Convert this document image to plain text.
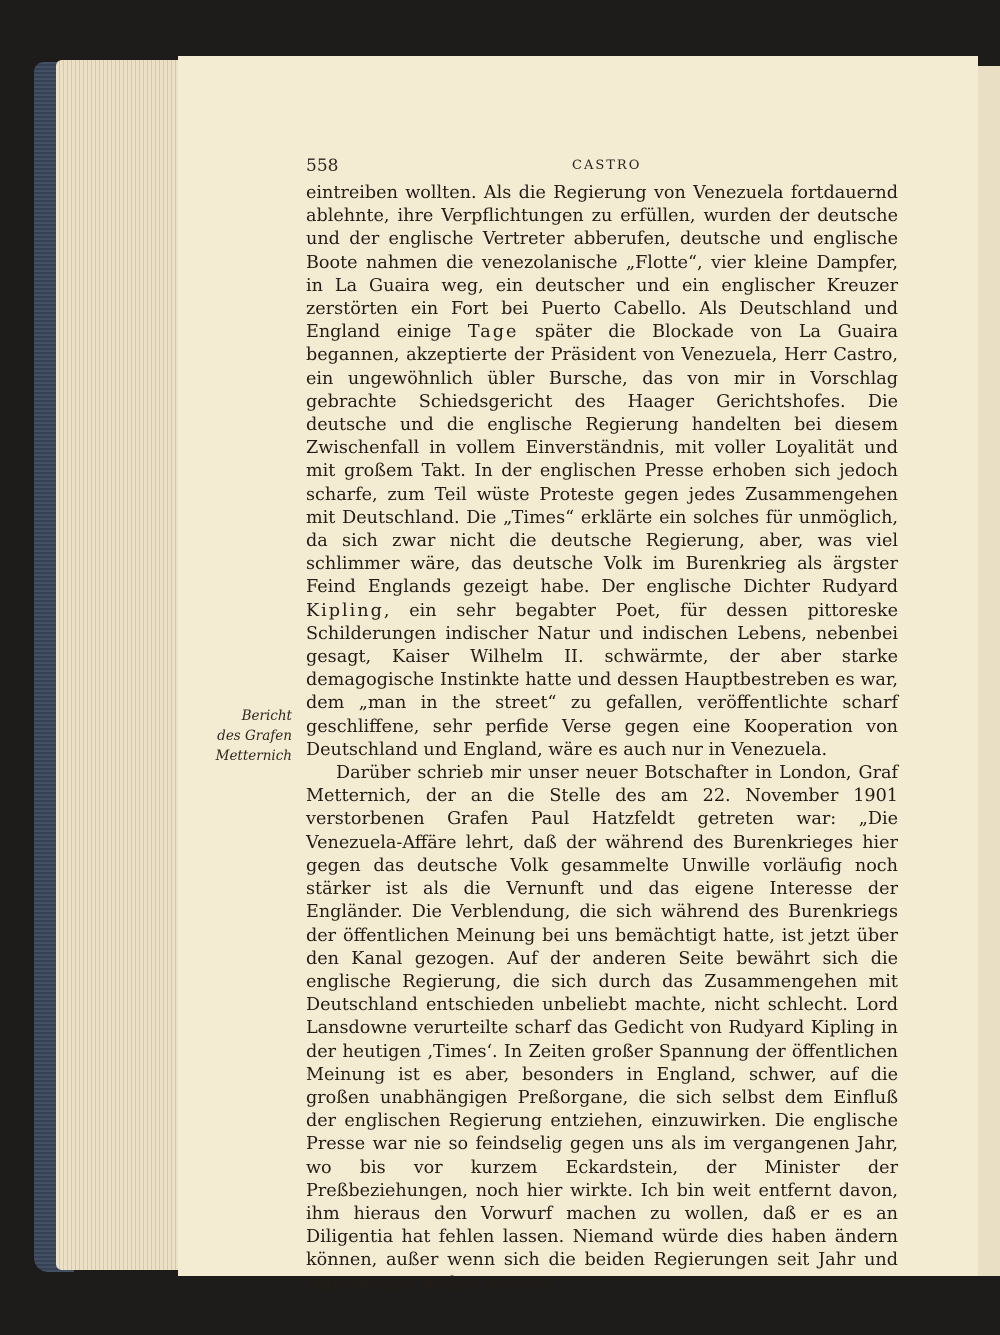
558	CASTRO
Bericht
des Grafen
Metternich

eintreiben wollten. Als die Regierung von Venezuela fortdauernd ablehnte, ihre Verpflichtungen zu erfüllen, wurden der deutsche und der englische Vertreter abberufen, deutsche und englische Boote nahmen die venezolanische „Flotte“, vier kleine Dampfer, in La Guaira weg, ein deutscher und ein englischer Kreuzer zerstörten ein Fort bei Puerto Cabello. Als Deutschland und England einige Tage später die Blockade von La Guaira begannen, akzeptierte der Präsident von Venezuela, Herr Castro, ein ungewöhnlich übler Bursche, das von mir in Vorschlag gebrachte Schiedsgericht des Haager Gerichtshofes. Die deutsche und die englische Regierung handelten bei diesem Zwischenfall in vollem Einverständnis, mit voller Loyalität und mit großem Takt. In der englischen Presse erhoben sich jedoch scharfe, zum Teil wüste Proteste gegen jedes Zusammengehen mit Deutschland. Die „Times“ erklärte ein solches für unmöglich, da sich zwar nicht die deutsche Regierung, aber, was viel schlimmer wäre, das deutsche Volk im Burenkrieg als ärgster Feind Englands gezeigt habe. Der englische Dichter Rudyard Kipling, ein sehr begabter Poet, für dessen pittoreske Schilderungen indischer Natur und indischen Lebens, nebenbei gesagt, Kaiser Wilhelm II. schwärmte, der aber starke demagogische Instinkte hatte und dessen Hauptbestreben es war, dem „man in the street“ zu gefallen, veröffentlichte scharf geschliffene, sehr perfide Verse gegen eine Kooperation von Deutschland und England, wäre es auch nur in Venezuela.

Darüber schrieb mir unser neuer Botschafter in London, Graf Metternich, der an die Stelle des am 22. November 1901 verstorbenen Grafen Paul Hatzfeldt getreten war: „Die Venezuela-Affäre lehrt, daß der während des Burenkrieges hier gegen das deutsche Volk gesammelte Unwille vorläufig noch stärker ist als die Vernunft und das eigene Interesse der Engländer. Die Verblendung, die sich während des Burenkriegs der öffentlichen Meinung bei uns bemächtigt hatte, ist jetzt über den Kanal gezogen. Auf der anderen Seite bewährt sich die englische Regierung, die sich durch das Zusammengehen mit Deutschland entschieden unbeliebt machte, nicht schlecht. Lord Lansdowne verurteilte scharf das Gedicht von Rudyard Kipling in der heutigen ‚Times‘. In Zeiten großer Spannung der öffentlichen Meinung ist es aber, besonders in England, schwer, auf die großen unabhängigen Preßorgane, die sich selbst dem Einfluß der englischen Regierung entziehen, einzuwirken. Die englische Presse war nie so feindselig gegen uns als im vergangenen Jahr, wo bis vor kurzem Eckardstein, der Minister der Preßbeziehungen, noch hier wirkte. Ich bin weit entfernt davon, ihm hieraus den Vorwurf machen zu wollen, daß er es an Diligentia hat fehlen lassen. Niemand würde dies haben ändern können, außer wenn sich die beiden Regierungen seit Jahr und Tag weniger in den Haaren
